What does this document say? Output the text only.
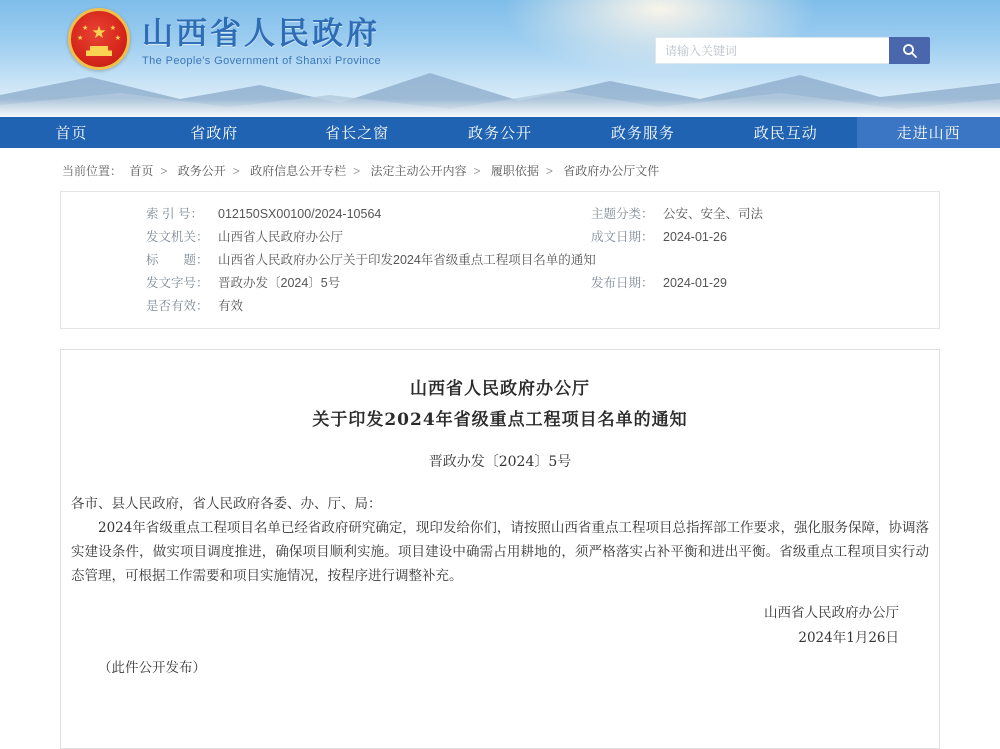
★
★	★
★	★ 山西省人民政府
The People's Government of Shanxi Province
请输入关键词
首页	省政府	省长之窗	政务公开	政务服务	政民互动	走进山西
当前位置： 首页 > 政务公开 > 政府信息公开专栏 > 法定主动公开内容 > 履职依据 > 省政府办公厅文件
索 引 号：	012150SX00100/2024-10564	主题分类： 公安、安全、司法
发文机关： 山西省人民政府办公厅	成文日期： 2024-01-26
标　　题： 山西省人民政府办公厅关于印发2024年省级重点工程项目名单的通知
发文字号： 晋政办发〔2024〕5号	发布日期： 2024-01-29
是否有效： 有效
山西省人民政府办公厅
关于印发2024年省级重点工程项目名单的通知
晋政办发〔2024〕5号
各市、县人民政府，省人民政府各委、办、厅、局：
2024年省级重点工程项目名单已经省政府研究确定，现印发给你们，请按照山西省重点工程项目总指挥部工作要求，强化服务保障，协调落实建设条件，做实项目调度推进，确保项目顺利实施。项目建设中确需占用耕地的，须严格落实占补平衡和进出平衡。省级重点工程项目实行动态管理，可根据工作需要和项目实施情况，按程序进行调整补充。
山西省人民政府办公厅
2024年1月26日
（此件公开发布）
